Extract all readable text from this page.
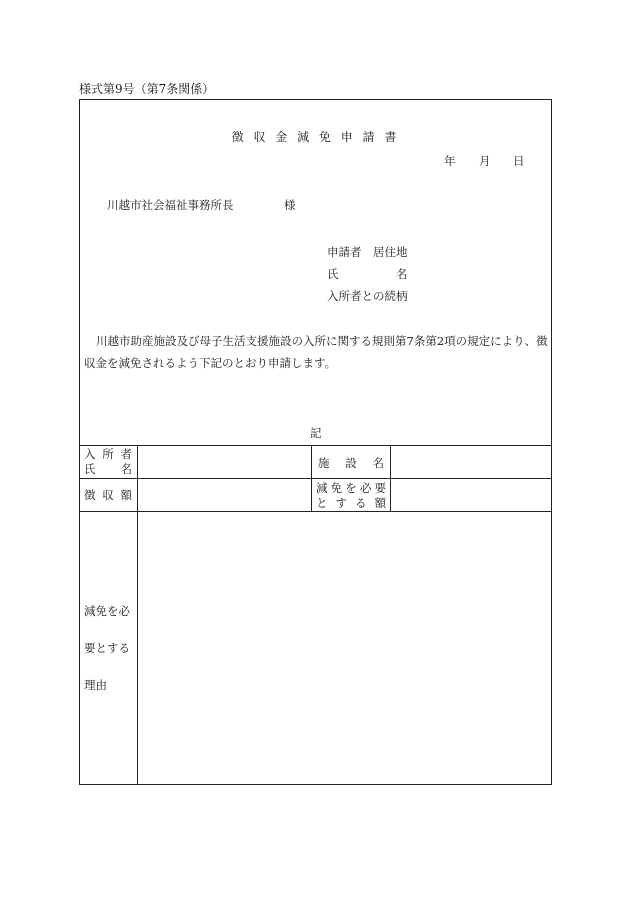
様式第9号（第7条関係）
徴 収 金 減 免 申 請 書
年 月 日
川越市社会福祉事務所長	様
申請者　居住地
氏	名
入所者との続柄
川越市助産施設及び母子生活支援施設の入所に関する規則第7条第2項の規定により、徴収金を減免されるよう下記のとおり申請します。
記
入所者
氏　　名
徴収額
施設名
減免を必要
とする額
減免を必
要とする
理由
